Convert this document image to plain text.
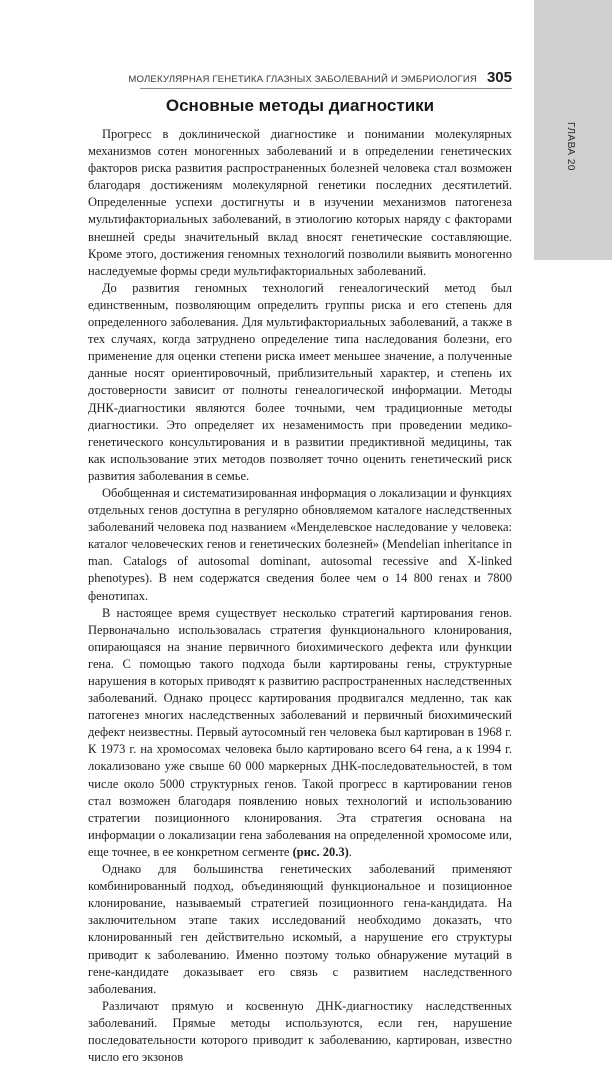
ГЛАВА 20
МОЛЕКУЛЯРНАЯ ГЕНЕТИКА ГЛАЗНЫХ ЗАБОЛЕВАНИЙ И ЭМБРИОЛОГИЯ 305
Основные методы диагностики

Прогресс в доклинической диагностике и понимании молекулярных механизмов сотен моногенных заболеваний и в определении генетических факторов риска развития распространенных болезней человека стал возможен благодаря достижениям молекулярной генетики последних десятилетий. Определенные успехи достигнуты и в изучении механизмов патогенеза мультифакториальных заболеваний, в этиологию которых наряду с факторами внешней среды значительный вклад вносят генетические составляющие. Кроме этого, достижения геномных технологий позволили выявить моногенно наследуемые формы среди мультифакториальных заболеваний.

До развития геномных технологий генеалогический метод был единственным, позволяющим определить группы риска и его степень для определенного заболевания. Для мультифакториальных заболеваний, а также в тех случаях, когда затруднено определение типа наследования болезни, его применение для оценки степени риска имеет меньшее значение, а полученные данные носят ориентировочный, приблизительный характер, и степень их достоверности зависит от полноты генеалогической информации. Методы ДНК-диагностики являются более точными, чем традиционные методы диагностики. Это определяет их незаменимость при проведении медико-генетического консультирования и в развитии предиктивной медицины, так как использование этих методов позволяет точно оценить генетический риск развития заболевания в семье.

Обобщенная и систематизированная информация о локализации и функциях отдельных генов доступна в регулярно обновляемом каталоге наследственных заболеваний человека под названием «Менделевское наследование у человека: каталог человеческих генов и генетических болезней» (Mendelian inheritance in man. Catalogs of autosomal dominant, autosomal recessive and X-linked phenotypes). В нем содержатся сведения более чем о 14 800 генах и 7800 фенотипах.

В настоящее время существует несколько стратегий картирования генов. Первоначально использовалась стратегия функционального клонирования, опирающаяся на знание первичного биохимического дефекта или функции гена. С помощью такого подхода были картированы гены, структурные нарушения в которых приводят к развитию распространенных наследственных заболеваний. Однако процесс картирования продвигался медленно, так как патогенез многих наследственных заболеваний и первичный биохимический дефект неизвестны. Первый аутосомный ген человека был картирован в 1968 г. К 1973 г. на хромосомах человека было картировано всего 64 гена, а к 1994 г. локализовано уже свыше 60 000 маркерных ДНК-последовательностей, в том числе около 5000 структурных генов. Такой прогресс в картировании генов стал возможен благодаря появлению новых технологий и использованию стратегии позиционного клонирования. Эта стратегия основана на информации о локализации гена заболевания на определенной хромосоме или, еще точнее, в ее конкретном сегменте (рис. 20.3).

Однако для большинства генетических заболеваний применяют комбинированный подход, объединяющий функциональное и позиционное клонирование, называемый стратегией позиционного гена-кандидата. На заключительном этапе таких исследований необходимо доказать, что клонированный ген действительно искомый, а нарушение его структуры приводит к заболеванию. Именно поэтому только обнаружение мутаций в гене-кандидате доказывает его связь с развитием наследственного заболевания.

Различают прямую и косвенную ДНК-диагностику наследственных заболеваний. Прямые методы используются, если ген, нарушение последовательности которого приводит к заболеванию, картирован, известно число его экзонов
